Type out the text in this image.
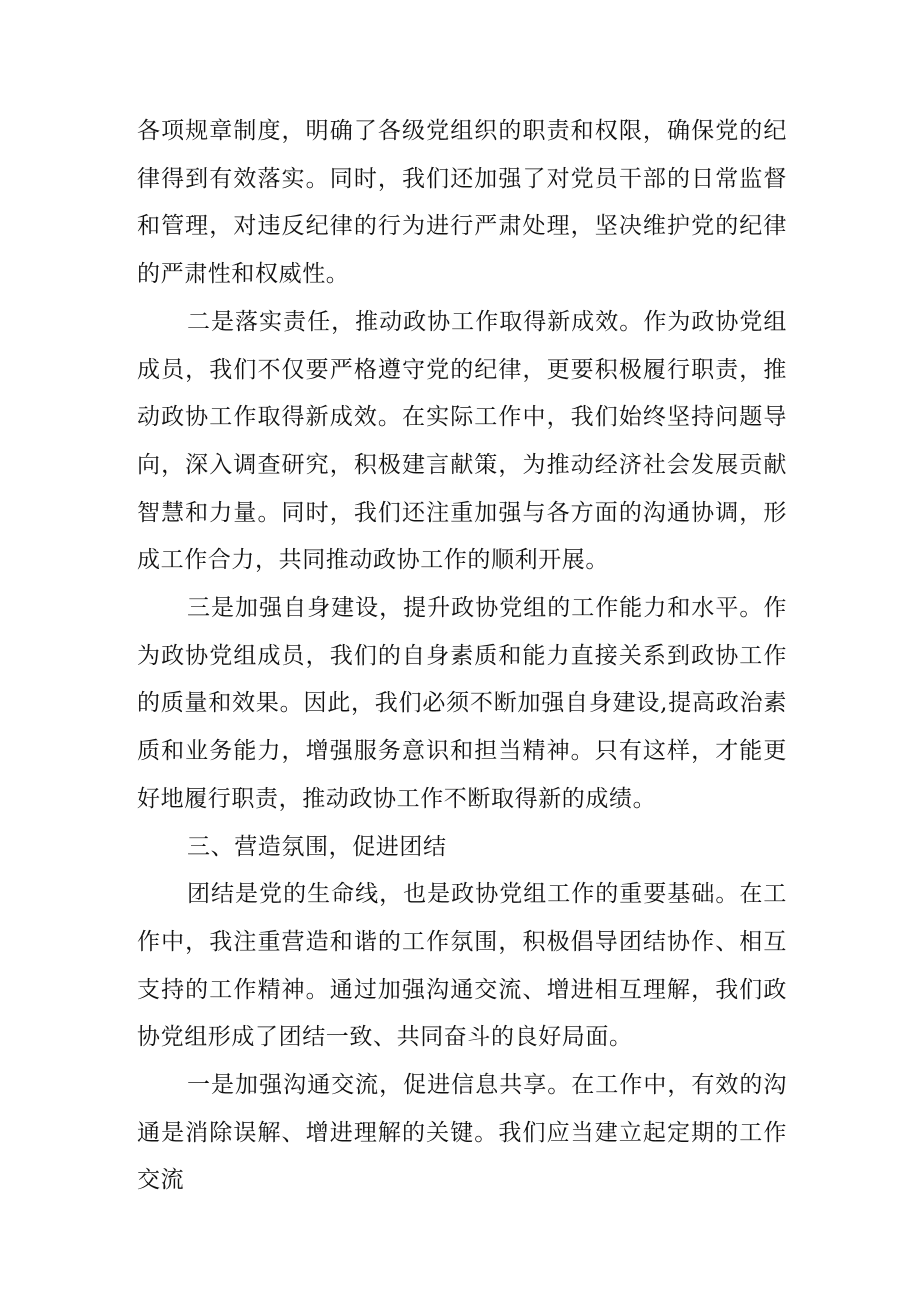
各项规章制度，明确了各级党组织的职责和权限，确保党的纪律得到有效落实。同时，我们还加强了对党员干部的日常监督和管理，对违反纪律的行为进行严肃处理，坚决维护党的纪律的严肃性和权威性。

二是落实责任，推动政协工作取得新成效。作为政协党组成员，我们不仅要严格遵守党的纪律，更要积极履行职责，推动政协工作取得新成效。在实际工作中，我们始终坚持问题导向，深入调查研究，积极建言献策，为推动经济社会发展贡献智慧和力量。同时，我们还注重加强与各方面的沟通协调，形成工作合力，共同推动政协工作的顺利开展。

三是加强自身建设，提升政协党组的工作能力和水平。作为政协党组成员，我们的自身素质和能力直接关系到政协工作的质量和效果。因此，我们必须不断加强自身建设,提高政治素质和业务能力，增强服务意识和担当精神。只有这样，才能更好地履行职责，推动政协工作不断取得新的成绩。

三、营造氛围，促进团结

团结是党的生命线，也是政协党组工作的重要基础。在工作中，我注重营造和谐的工作氛围，积极倡导团结协作、相互支持的工作精神。通过加强沟通交流、增进相互理解，我们政协党组形成了团结一致、共同奋斗的良好局面。

一是加强沟通交流，促进信息共享。在工作中，有效的沟通是消除误解、增进理解的关键。我们应当建立起定期的工作交流
